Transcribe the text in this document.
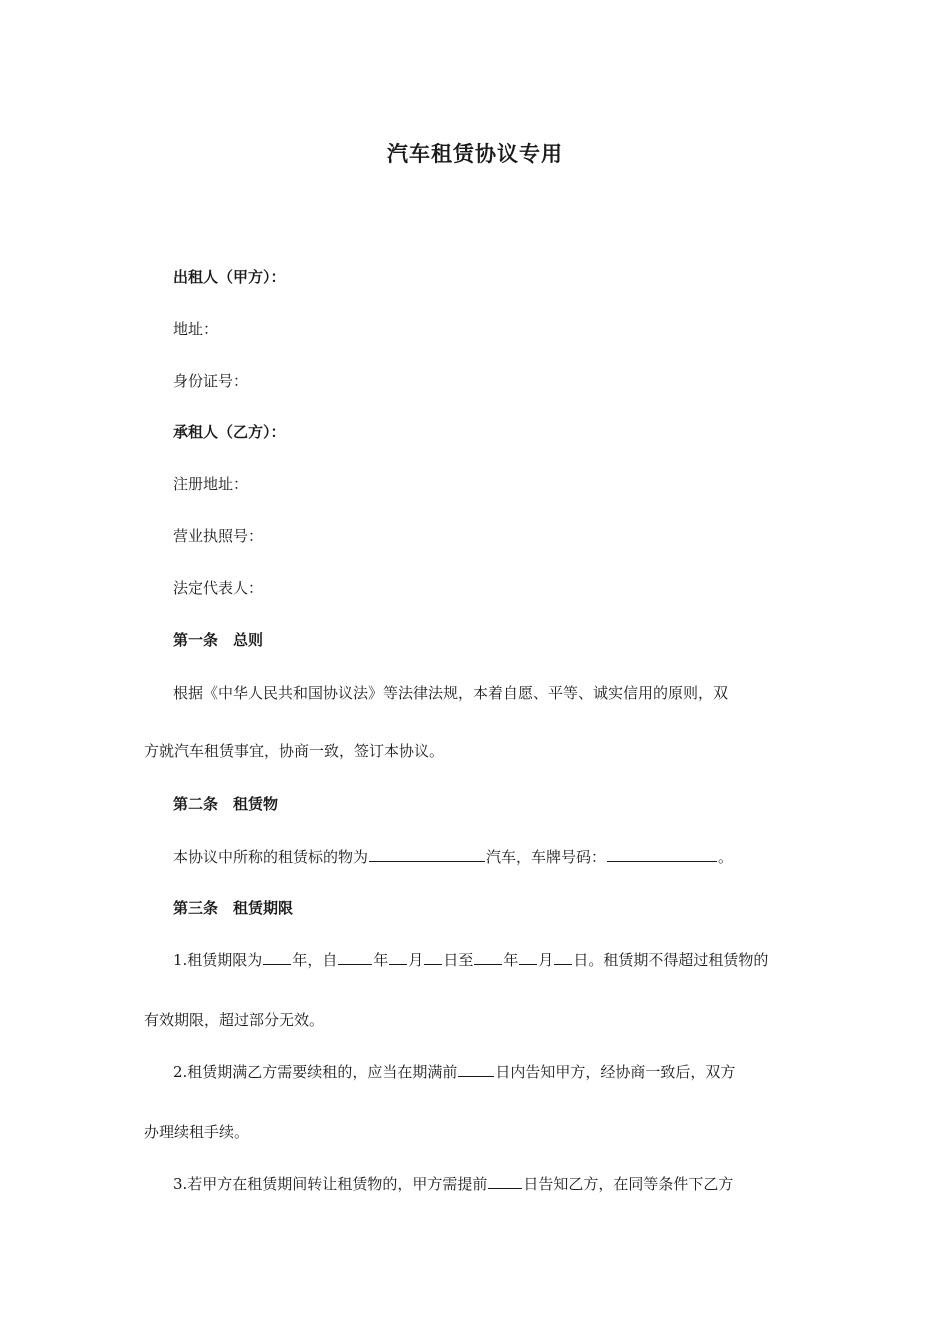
汽车租赁协议专用
出租人（甲方）：
地址：
身份证号：
承租人（乙方）：
注册地址：
营业执照号：
法定代表人：
第一条　总则
根据《中华人民共和国协议法》等法律法规，本着自愿、平等、诚实信用的原则，双
方就汽车租赁事宜，协商一致，签订本协议。
第二条　租赁物
本协议中所称的租赁标的物为	汽车，车牌号码：	。
第三条　租赁期限
1.租赁期限为 年，自 年 月 日至 年 月 日。租赁期不得超过租赁物的
有效期限，超过部分无效。
2.租赁期满乙方需要续租的，应当在期满前	日内告知甲方，经协商一致后，双方
办理续租手续。
3.若甲方在租赁期间转让租赁物的，甲方需提前 日告知乙方，在同等条件下乙方
